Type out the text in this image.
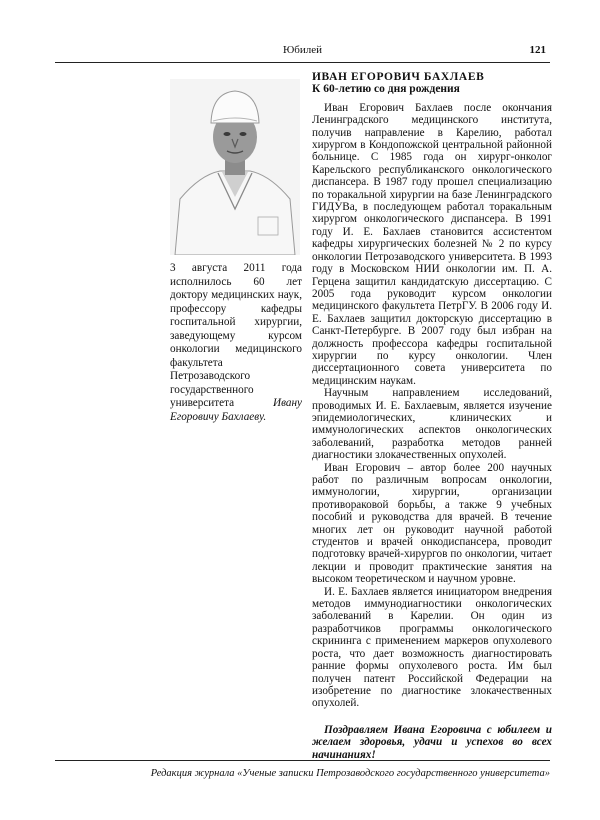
Юбилей	121
3 августа 2011 года исполнилось 60 лет доктору медицинских наук, профессору кафедры госпитальной хирургии, заведующему курсом онкологии медицинского факультета Петрозаводского государственного университета Ивану Егоровичу Бахлаеву.
ИВАН ЕГОРОВИЧ БАХЛАЕВ
К 60-летию со дня рождения

Иван Егорович Бахлаев после окончания Ленинградского медицинского института, получив направление в Карелию, работал хирургом в Кондопожской центральной районной больнице. С 1985 года он хирург-онколог Карельского республиканского онкологического диспансера. В 1987 году прошел специализацию по торакальной хирургии на базе Ленинградского ГИДУВа, в последующем работал торакальным хирургом онкологического диспансера. В 1991 году И. Е. Бахлаев становится ассистентом кафедры хирургических болезней № 2 по курсу онкологии Петрозаводского университета. В 1993 году в Московском НИИ онкологии им. П. А. Герцена защитил кандидатскую диссертацию. С 2005 года руководит курсом онкологии медицинского факультета ПетрГУ. В 2006 году И. Е. Бахлаев защитил докторскую диссертацию в Санкт-Петербурге. В 2007 году был избран на должность профессора кафедры госпитальной хирургии по курсу онкологии. Член диссертационного совета университета по медицинским наукам.

Научным направлением исследований, проводимых И. Е. Бахлаевым, является изучение эпидемиологических, клинических и иммунологических аспектов онкологических заболеваний, разработка методов ранней диагностики злокачественных опухолей.

Иван Егорович – автор более 200 научных работ по различным вопросам онкологии, иммунологии, хирургии, организации противораковой борьбы, а также 9 учебных пособий и руководства для врачей. В течение многих лет он руководит научной работой студентов и врачей онкодиспансера, проводит подготовку врачей-хирургов по онкологии, читает лекции и проводит практические занятия на высоком теоретическом и научном уровне.

И. Е. Бахлаев является инициатором внедрения методов иммунодиагностики онкологических заболеваний в Карелии. Он один из разработчиков программы онкологического скрининга с применением маркеров опухолевого роста, что дает возможность диагностировать ранние формы опухолевого роста. Им был получен патент Российской Федерации на изобретение по диагностике злокачественных опухолей.

Поздравляем Ивана Егоровича с юбилеем и желаем здоровья, удачи и успехов во всех начинаниях!

Редакция журнала «Ученые записки Петрозаводского государственного университета»
